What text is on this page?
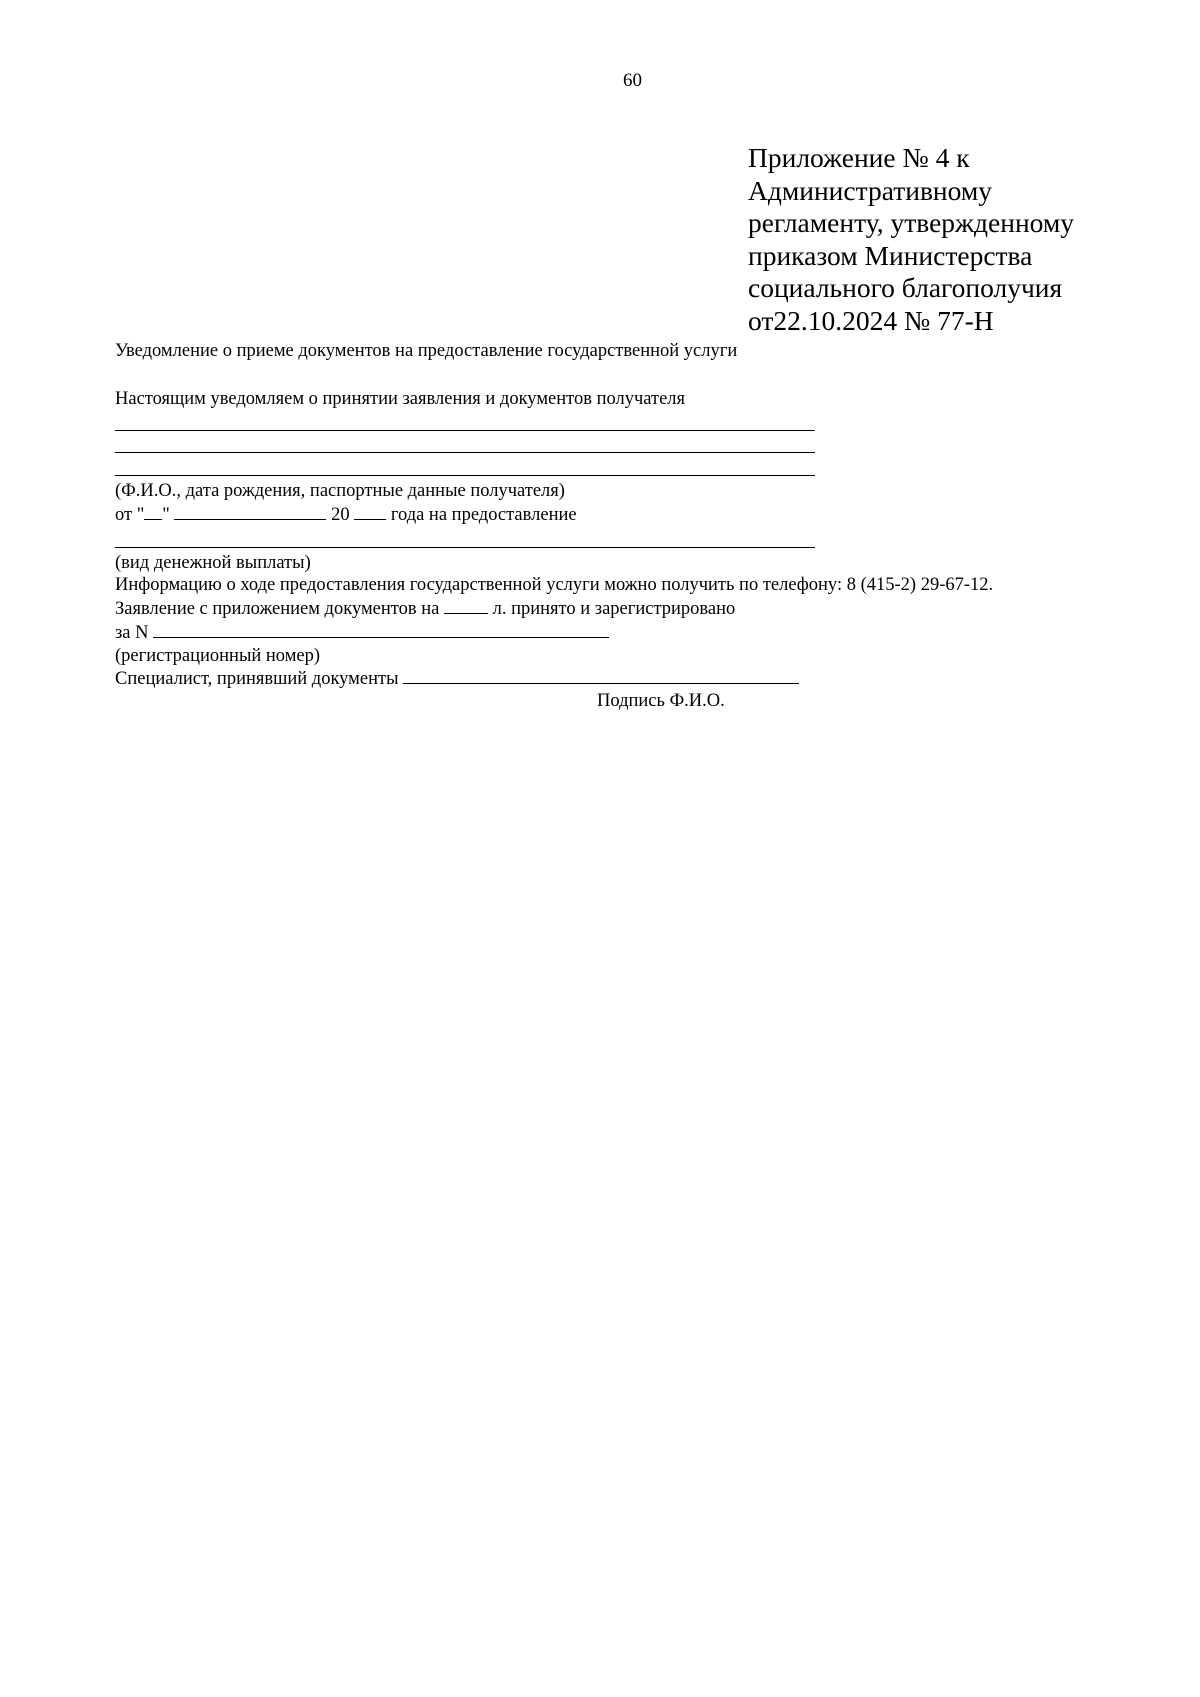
60
Приложение № 4 к
Административному
регламенту, утвержденному
приказом Министерства
социального благополучия
от22.10.2024 № 77-Н
Уведомление о приеме документов на предоставление государственной услуги
Настоящим уведомляем о принятии заявления и документов получателя
(Ф.И.О., дата рождения, паспортные данные получателя)
от " "	20  года на предоставление
(вид денежной выплаты)
Информацию о ходе предоставления государственной услуги можно получить по телефону: 8 (415-2) 29-67-12.
Заявление с приложением документов на  л. принято и зарегистрировано
за N
(регистрационный номер)
Специалист, принявший документы
Подпись Ф.И.О.
